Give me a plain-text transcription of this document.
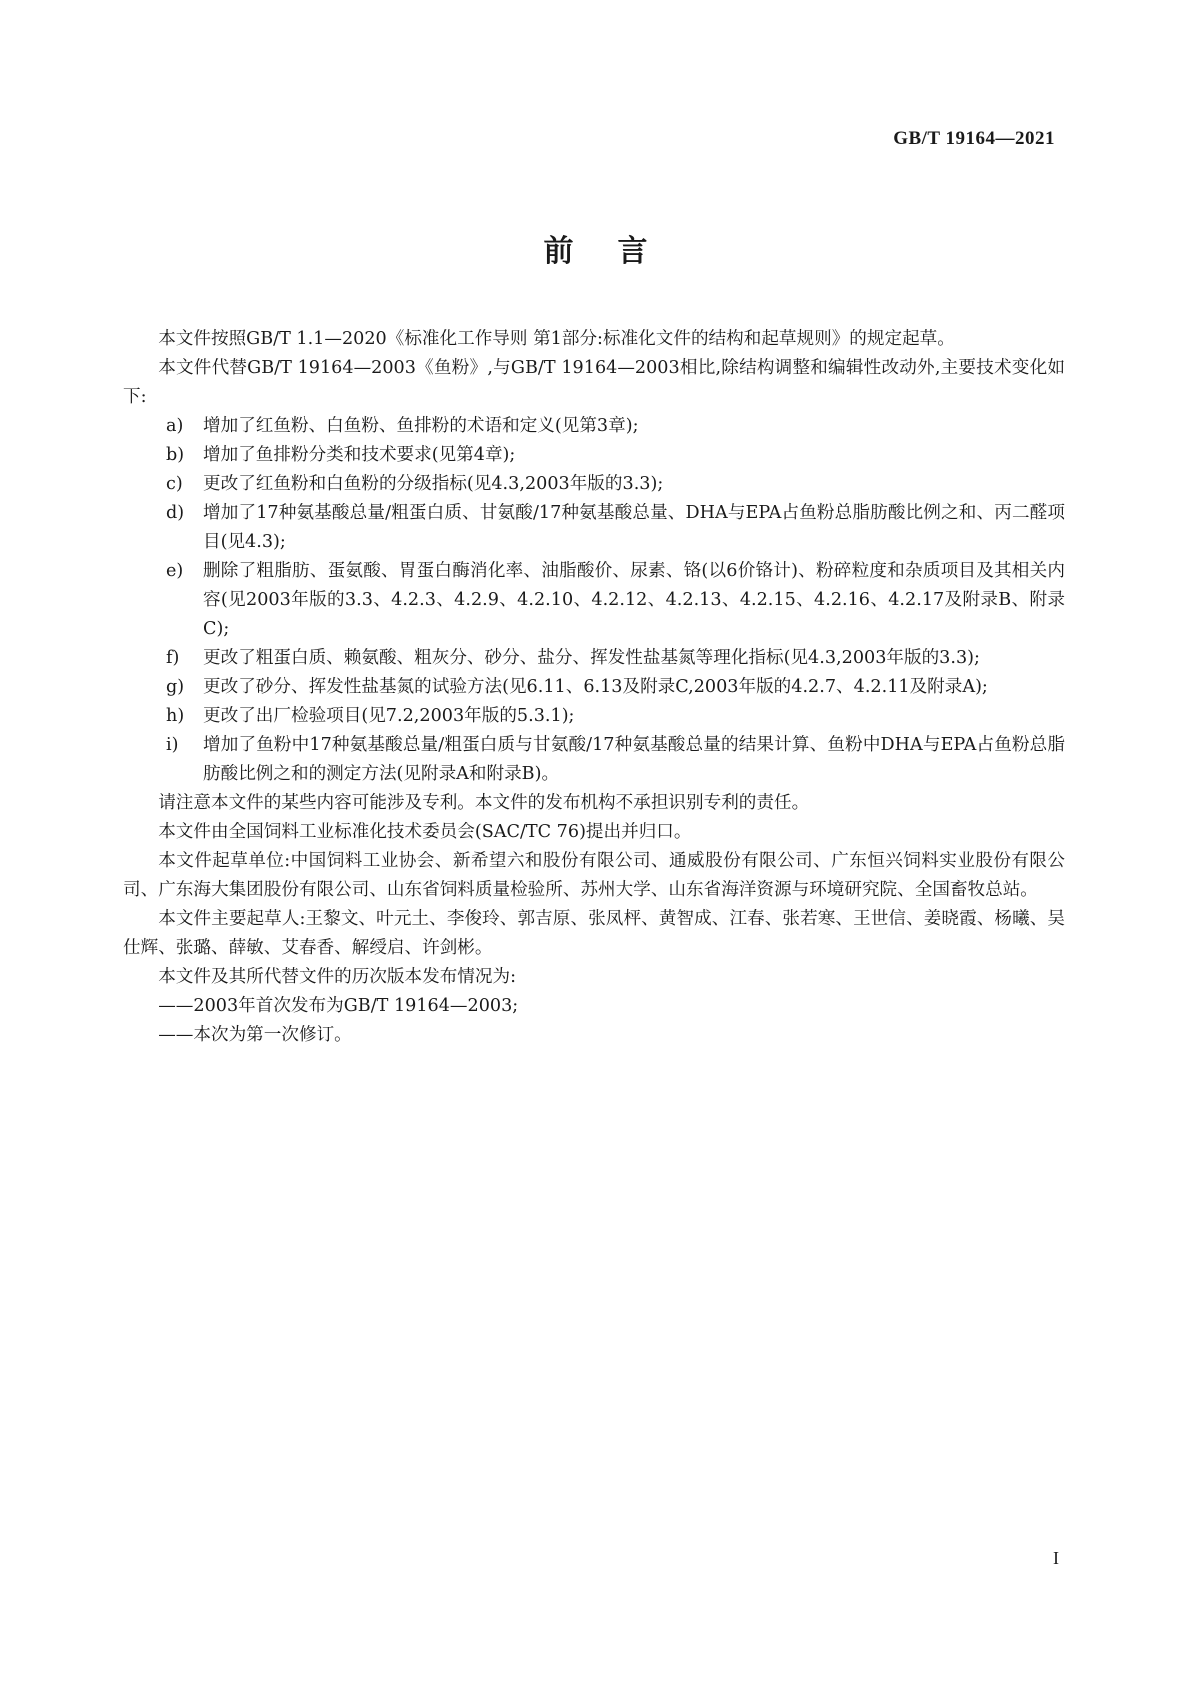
GB/T 19164—2021

前言

本文件按照GB/T 1.1—2020《标准化工作导则 第1部分:标准化文件的结构和起草规则》的规定起草。

本文件代替GB/T 19164—2003《鱼粉》,与GB/T 19164—2003相比,除结构调整和编辑性改动外,主要技术变化如下:

a) 增加了红鱼粉、白鱼粉、鱼排粉的术语和定义(见第3章);

b) 增加了鱼排粉分类和技术要求(见第4章);

c) 更改了红鱼粉和白鱼粉的分级指标(见4.3,2003年版的3.3);

d) 增加了17种氨基酸总量/粗蛋白质、甘氨酸/17种氨基酸总量、DHA与EPA占鱼粉总脂肪酸比例之和、丙二醛项目(见4.3);

e) 删除了粗脂肪、蛋氨酸、胃蛋白酶消化率、油脂酸价、尿素、铬(以6价铬计)、粉碎粒度和杂质项目及其相关内容(见2003年版的3.3、4.2.3、4.2.9、4.2.10、4.2.12、4.2.13、4.2.15、4.2.16、4.2.17及附录B、附录C);

f) 更改了粗蛋白质、赖氨酸、粗灰分、砂分、盐分、挥发性盐基氮等理化指标(见4.3,2003年版的3.3);

g) 更改了砂分、挥发性盐基氮的试验方法(见6.11、6.13及附录C,2003年版的4.2.7、4.2.11及附录A);

h) 更改了出厂检验项目(见7.2,2003年版的5.3.1);

i) 增加了鱼粉中17种氨基酸总量/粗蛋白质与甘氨酸/17种氨基酸总量的结果计算、鱼粉中DHA与EPA占鱼粉总脂肪酸比例之和的测定方法(见附录A和附录B)。

请注意本文件的某些内容可能涉及专利。本文件的发布机构不承担识别专利的责任。

本文件由全国饲料工业标准化技术委员会(SAC/TC 76)提出并归口。

本文件起草单位:中国饲料工业协会、新希望六和股份有限公司、通威股份有限公司、广东恒兴饲料实业股份有限公司、广东海大集团股份有限公司、山东省饲料质量检验所、苏州大学、山东省海洋资源与环境研究院、全国畜牧总站。

本文件主要起草人:王黎文、叶元土、李俊玲、郭吉原、张凤枰、黄智成、江春、张若寒、王世信、姜晓霞、杨曦、吴仕辉、张璐、薛敏、艾春香、解绶启、许剑彬。

本文件及其所代替文件的历次版本发布情况为:

——2003年首次发布为GB/T 19164—2003;

——本次为第一次修订。

I
